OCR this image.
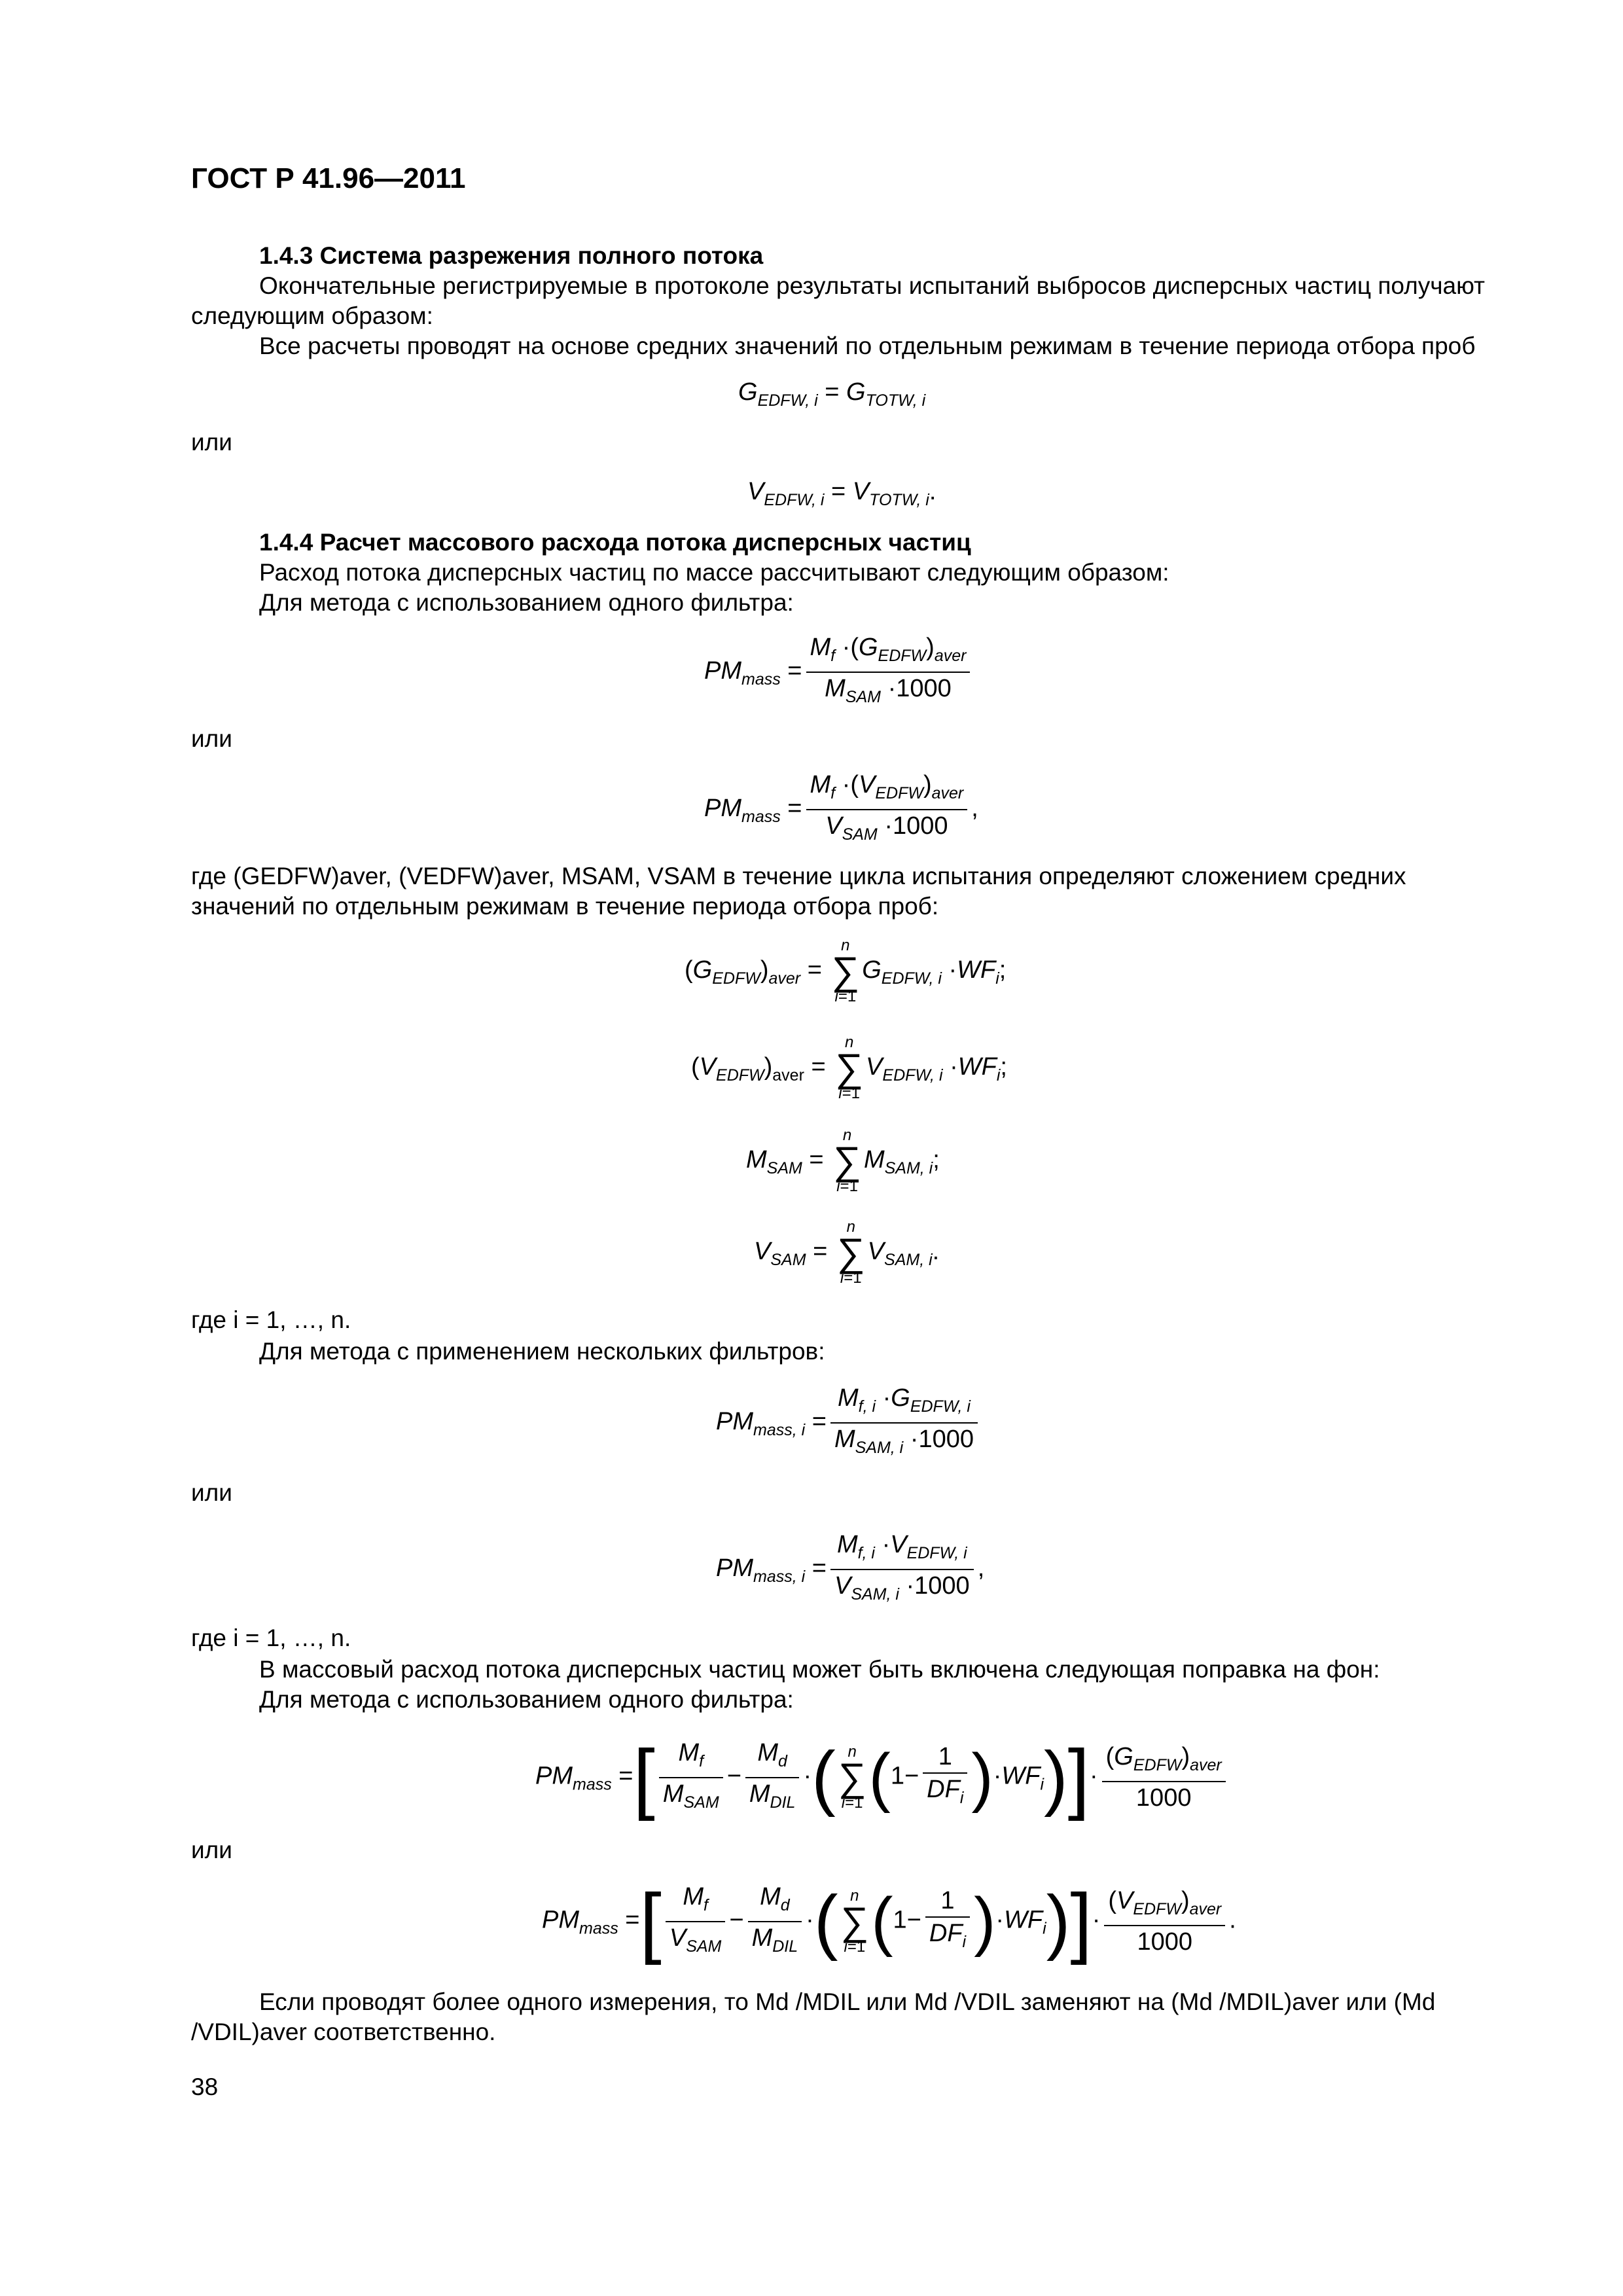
ГОСТ Р 41.96—2011
1.4.3 Система разрежения полного потока
Окончательные регистрируемые в протоколе результаты испытаний выбросов дисперсных частиц получают следующим образом:
Все расчеты проводят на основе средних значений по отдельным режимам в течение периода отбора проб
$G_{EDFW, i} = G_{TOTW, i}$
или
$V_{EDFW, i} = V_{TOTW, i}$.
1.4.4 Расчет массового расхода потока дисперсных частиц
Расход потока дисперсных частиц по массе рассчитывают следующим образом:
Для метода с использованием одного фильтра:
$PM_{mass} = \frac{M_f \cdot(G_{EDFW})_{aver}}{M_{SAM} \cdot 1000}$
или
$PM_{mass} = \frac{M_f \cdot(V_{EDFW})_{aver}}{V_{SAM} \cdot 1000}$ ,
где (GEDFW)aver, (VEDFW)aver, MSAM, VSAM в течение цикла испытания определяют сложением средних значений по отдельным режимам в течение периода отбора проб:
$(G_{EDFW})_{aver}$ =
n
∑
i=1
$G_{EDFW, i} \cdot WF_i$;
$(V_{EDFW})_{aver}$ =
n
∑
i=1
$V_{EDFW, i} \cdot WF_i$;
$M_{SAM}$ =
n
∑
i=1
$M_{SAM, i}$;
$V_{SAM}$ =
n
∑
i=1
$V_{SAM, i}$.
где i = 1, …, n.
Для метода с применением нескольких фильтров:
$PM_{mass, i} = \frac{M_{f, i} \cdot G_{EDFW, i}}{M_{SAM, i} \cdot 1000}$
или
$PM_{mass, i} = \frac{M_{f, i} \cdot V_{EDFW, i}}{V_{SAM, i} \cdot 1000}$ ,
где i = 1, …, n.
В массовый расход потока дисперсных частиц может быть включена следующая поправка на фон:
Для метода с использованием одного фильтра:
$PM_{mass}$ =[ $\frac{M_f}{M_{SAM}} - \frac{M_d}{M_{DIL}}$ ·( n
∑
i=1 $(1- \frac{1}{DF_i} )\cdot WF_i)]\cdot \frac{(G_{EDFW})_{aver}}{1000}$
или
$PM_{mass}$ =[ $\frac{M_f}{V_{SAM}} - \frac{M_d}{M_{DIL}}$ ·( n
∑
i=1 $(1- \frac{1}{DF_i} )\cdot WF_i)]\cdot \frac{(V_{EDFW})_{aver}}{1000}$ .
Если проводят более одного измерения, то Md /MDIL или Md /VDIL заменяют на (Md /MDIL)aver или (Md /VDIL)aver соответственно.
38
